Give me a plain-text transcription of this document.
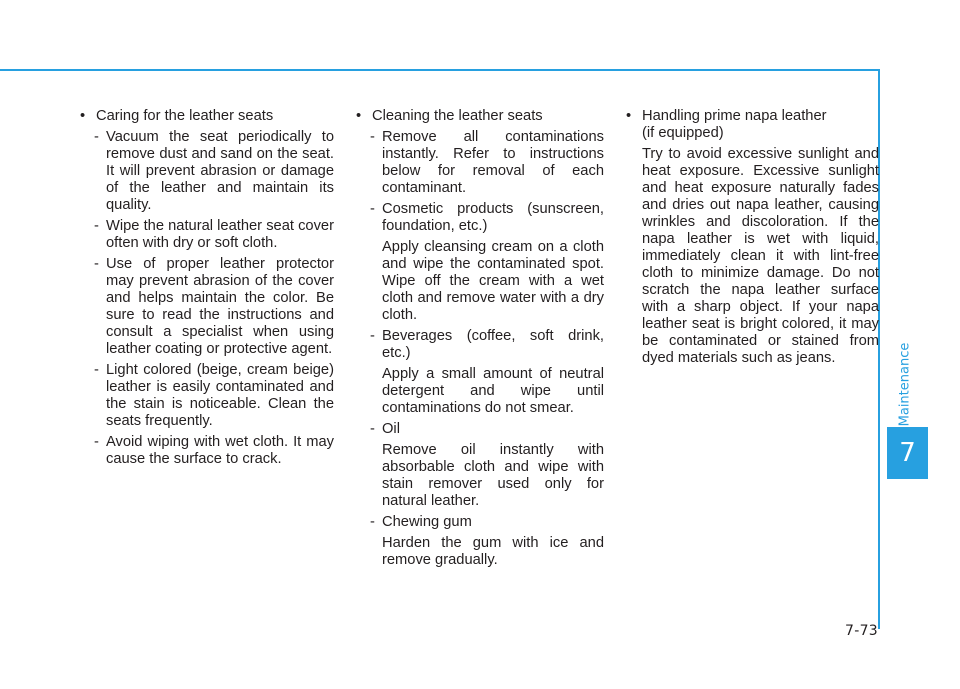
Maintenance
7
• Caring for the leather seats
- Vacuum the seat periodically to remove dust and sand on the seat. It will prevent abrasion or damage of the leather and maintain its quality.
- Wipe the natural leather seat cover often with dry or soft cloth.
- Use of proper leather protector may prevent abrasion of the cover and helps maintain the color. Be sure to read the instructions and consult a specialist when using leather coating or protective agent.
- Light colored (beige, cream beige) leather is easily contaminated and the stain is noticeable. Clean the seats frequently.
- Avoid wiping with wet cloth. It may cause the surface to crack.
• Cleaning the leather seats
- Remove all contaminations instantly. Refer to instructions below for removal of each contaminant.
- Cosmetic products (sunscreen, foundation, etc.)
Apply cleansing cream on a cloth and wipe the contaminated spot. Wipe off the cream with a wet cloth and remove water with a dry cloth.
- Beverages (coffee, soft drink, etc.)
Apply a small amount of neutral detergent and wipe until contaminations do not smear.
- Oil
Remove oil instantly with absorbable cloth and wipe with stain remover used only for natural leather.
- Chewing gum
Harden the gum with ice and remove gradually.
• Handling prime napa leather
(if equipped)
Try to avoid excessive sunlight and heat exposure. Excessive sunlight and heat exposure naturally fades and dries out napa leather, causing wrinkles and discoloration. If the napa leather is wet with liquid, immediately clean it with lint-free cloth to minimize damage. Do not scratch the napa leather surface with a sharp object. If your napa leather seat is bright colored, it may be contaminated or stained from dyed materials such as jeans.
7-73
